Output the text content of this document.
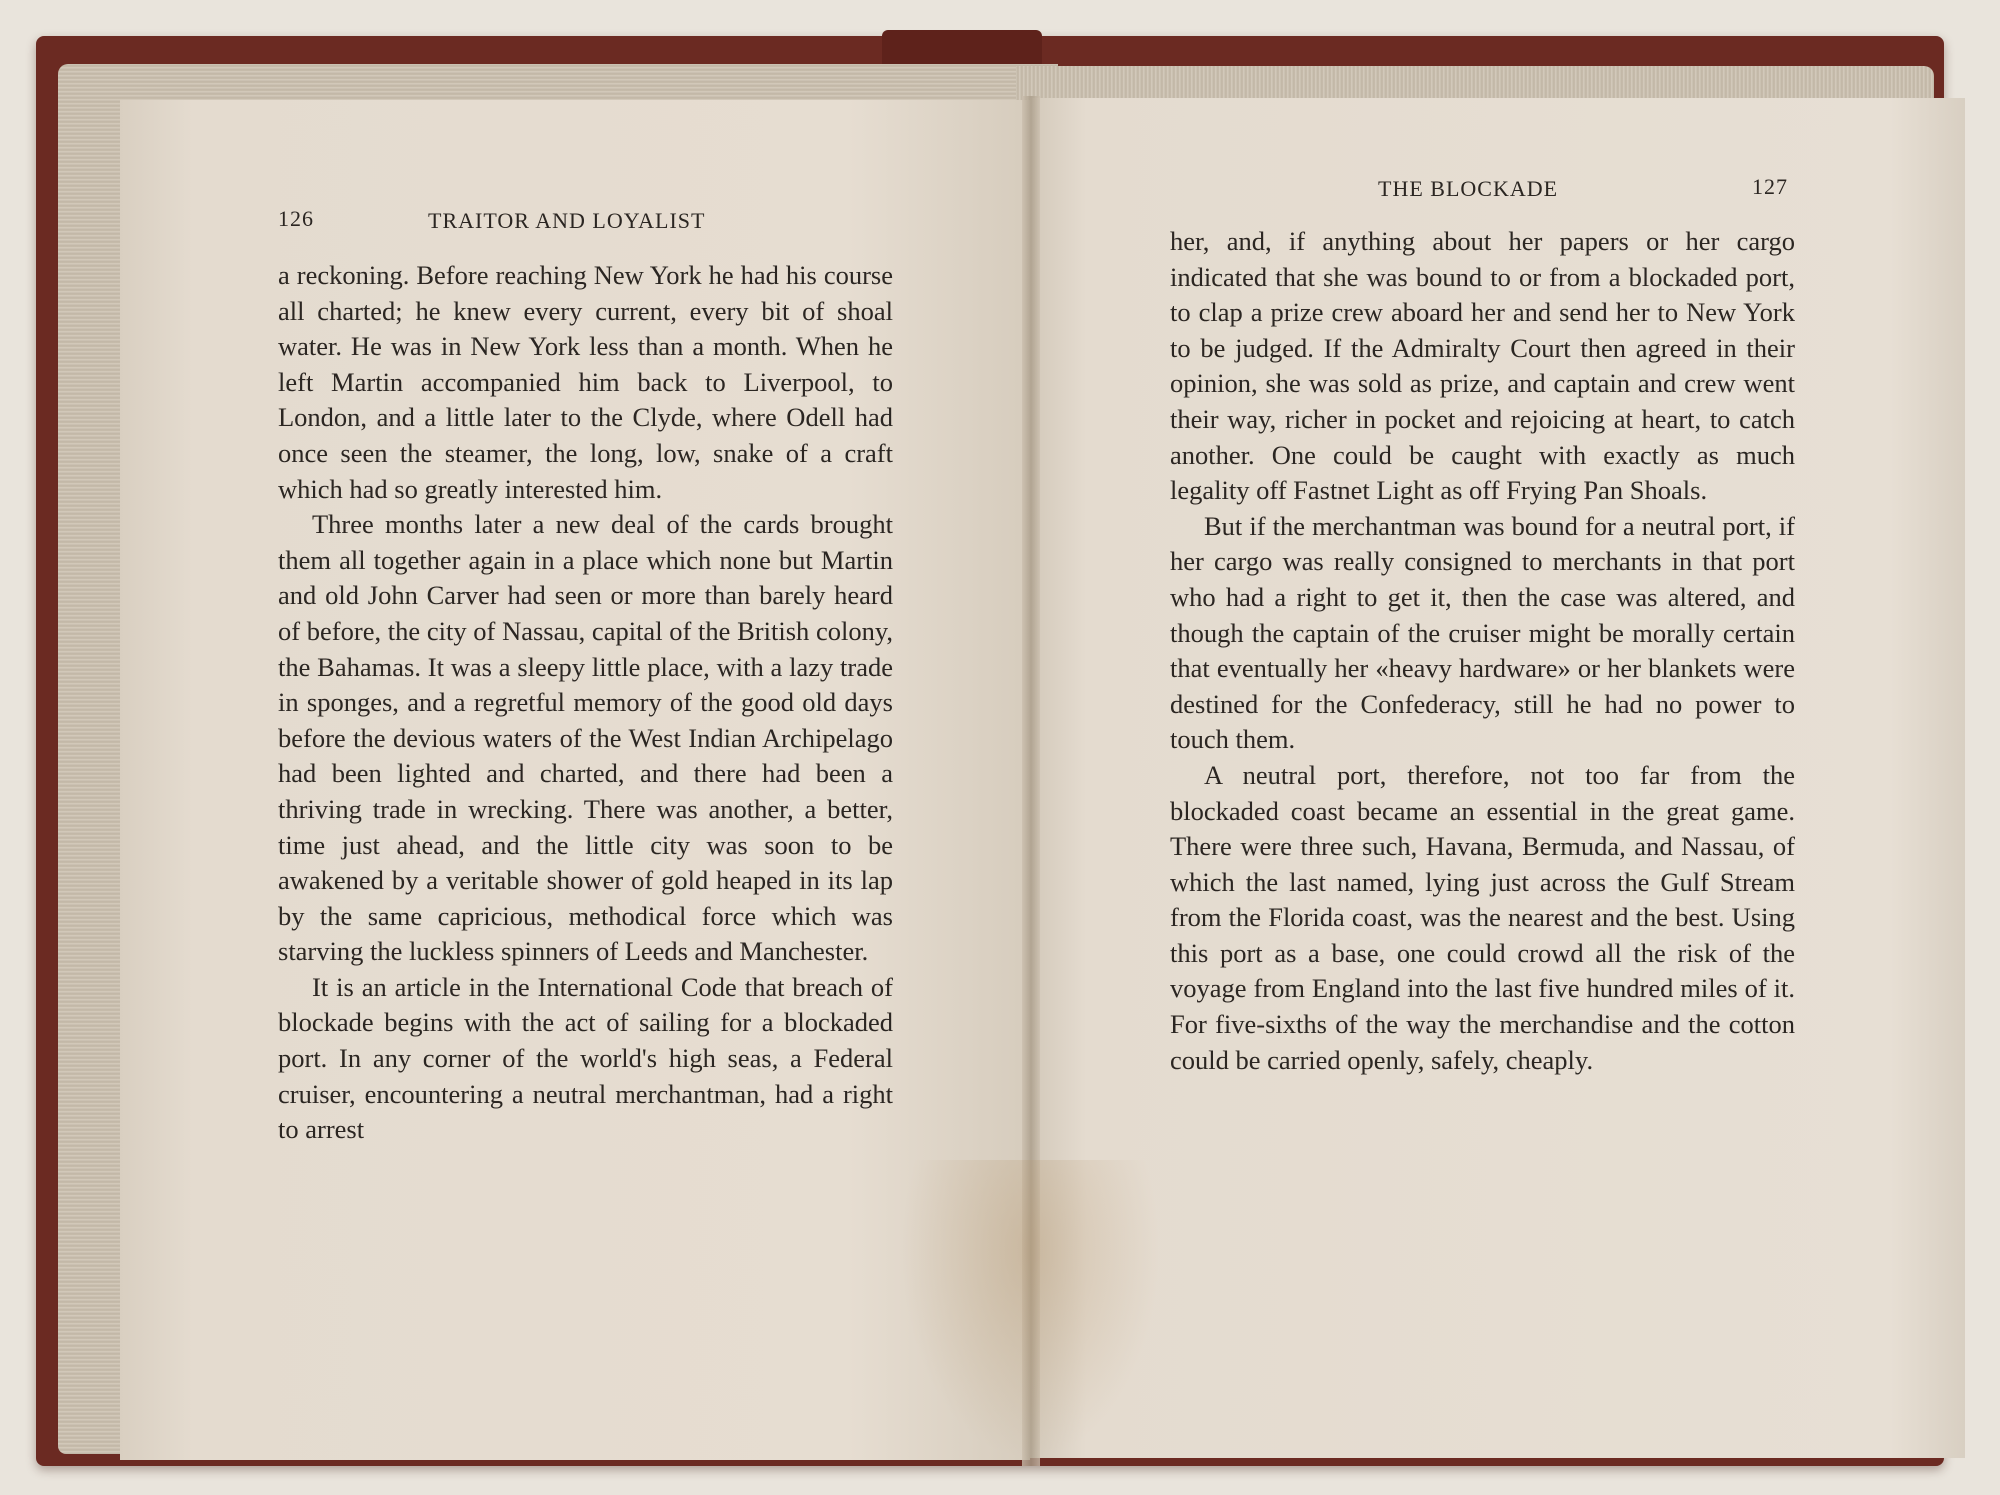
126	TRAITOR AND LOYALIST

a reckoning. Before reaching New York he had his course all charted; he knew every current, every bit of shoal water. He was in New York less than a month. When he left Martin accompanied him back to Liverpool, to London, and a little later to the Clyde, where Odell had once seen the steamer, the long, low, snake of a craft which had so greatly interested him.

Three months later a new deal of the cards brought them all together again in a place which none but Martin and old John Carver had seen or more than barely heard of before, the city of Nassau, capital of the British colony, the Bahamas. It was a sleepy little place, with a lazy trade in sponges, and a regretful memory of the good old days before the devious waters of the West Indian Archipelago had been lighted and charted, and there had been a thriving trade in wrecking. There was another, a better, time just ahead, and the little city was soon to be awakened by a veritable shower of gold heaped in its lap by the same capricious, methodical force which was starving the luckless spinners of Leeds and Manchester.

It is an article in the International Code that breach of blockade begins with the act of sailing for a blockaded port. In any corner of the world's high seas, a Federal cruiser, encountering a neutral merchantman, had a right to arrest

THE BLOCKADE	127

her, and, if anything about her papers or her cargo indicated that she was bound to or from a blockaded port, to clap a prize crew aboard her and send her to New York to be judged. If the Admiralty Court then agreed in their opinion, she was sold as prize, and captain and crew went their way, richer in pocket and rejoicing at heart, to catch another. One could be caught with exactly as much legality off Fastnet Light as off Frying Pan Shoals.

But if the merchantman was bound for a neutral port, if her cargo was really consigned to merchants in that port who had a right to get it, then the case was altered, and though the captain of the cruiser might be morally certain that eventually her «heavy hardware» or her blankets were destined for the Confederacy, still he had no power to touch them.

A neutral port, therefore, not too far from the blockaded coast became an essential in the great game. There were three such, Havana, Bermuda, and Nassau, of which the last named, lying just across the Gulf Stream from the Florida coast, was the nearest and the best. Using this port as a base, one could crowd all the risk of the voyage from England into the last five hundred miles of it. For five-sixths of the way the merchandise and the cotton could be carried openly, safely, cheaply.
